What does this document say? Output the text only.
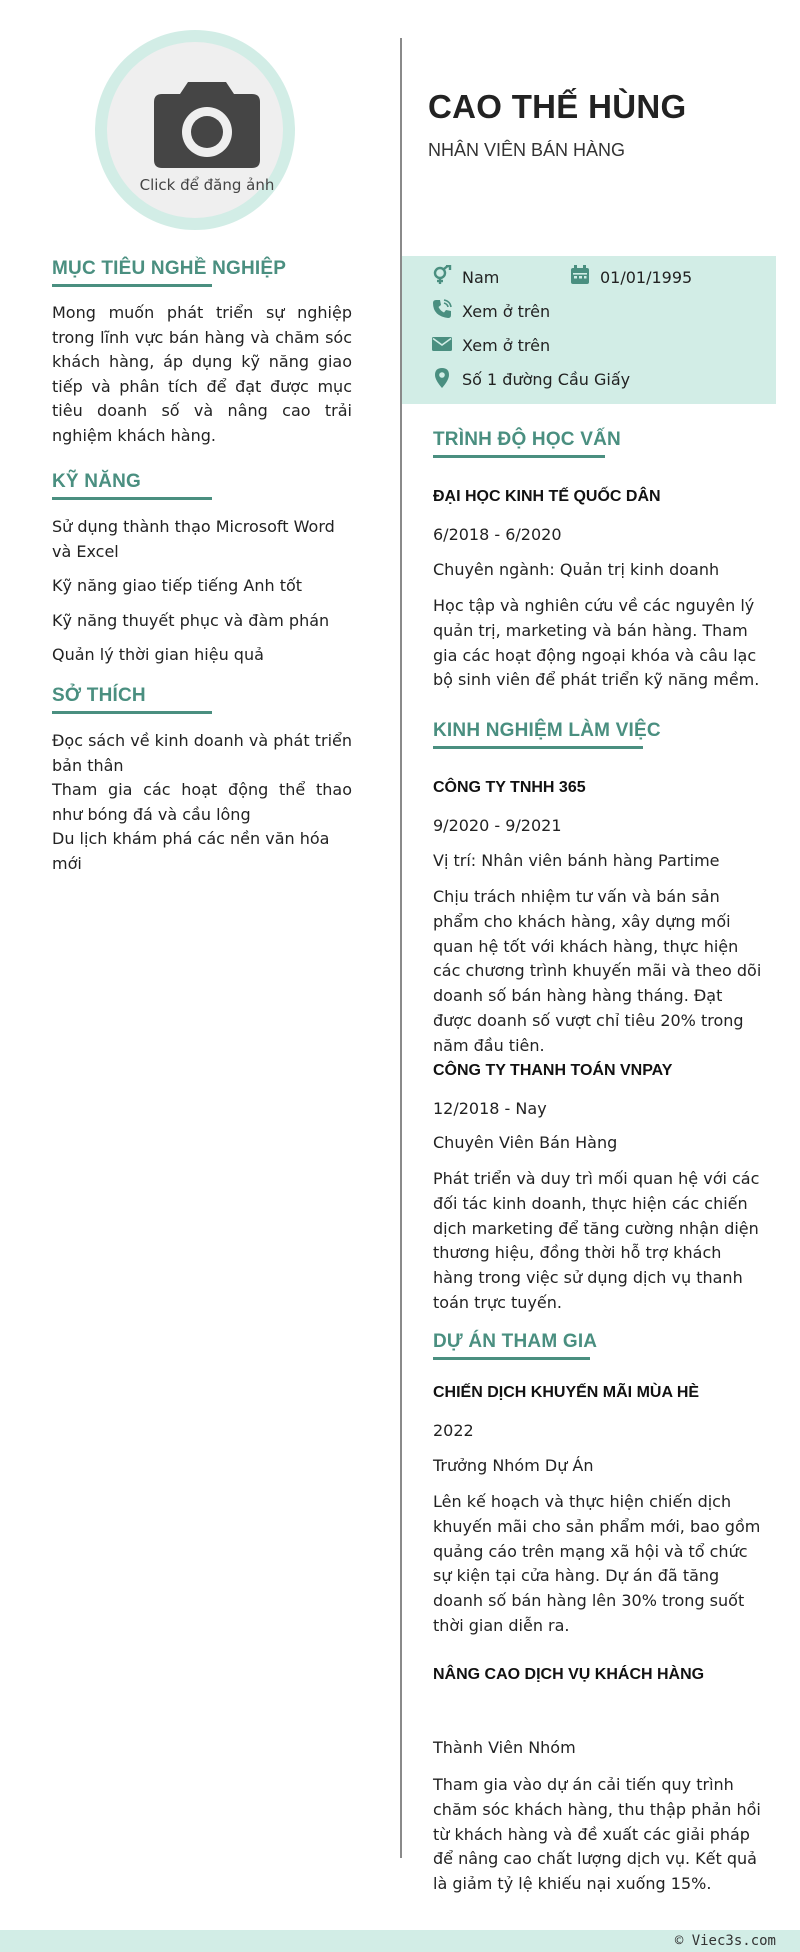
Click để đăng ảnh
MỤC TIÊU NGHỀ NGHIỆP
Mong muốn phát triển sự nghiệp trong lĩnh vực bán hàng và chăm sóc khách hàng, áp dụng kỹ năng giao tiếp và phân tích để đạt được mục tiêu doanh số và nâng cao trải nghiệm khách hàng.
KỸ NĂNG
Sử dụng thành thạo Microsoft Word và Excel
Kỹ năng giao tiếp tiếng Anh tốt
Kỹ năng thuyết phục và đàm phán
Quản lý thời gian hiệu quả
SỞ THÍCH
Đọc sách về kinh doanh và phát triển bản thân
Tham gia các hoạt động thể thao như bóng đá và cầu lông
Du lịch khám phá các nền văn hóa mới
CAO THẾ HÙNG
NHÂN VIÊN BÁN HÀNG
Nam	01/01/1995
Xem ở trên
Xem ở trên
Số 1 đường Cầu Giấy
TRÌNH ĐỘ HỌC VẤN
ĐẠI HỌC KINH TẾ QUỐC DÂN
6/2018 - 6/2020
Chuyên ngành: Quản trị kinh doanh
Học tập và nghiên cứu về các nguyên lý quản trị, marketing và bán hàng. Tham gia các hoạt động ngoại khóa và câu lạc bộ sinh viên để phát triển kỹ năng mềm.
KINH NGHIỆM LÀM VIỆC
CÔNG TY TNHH 365
9/2020 - 9/2021
Vị trí: Nhân viên bánh hàng Partime
Chịu trách nhiệm tư vấn và bán sản phẩm cho khách hàng, xây dựng mối quan hệ tốt với khách hàng, thực hiện các chương trình khuyến mãi và theo dõi doanh số bán hàng hàng tháng. Đạt được doanh số vượt chỉ tiêu 20% trong năm đầu tiên.
CÔNG TY THANH TOÁN VNPAY
12/2018 - Nay
Chuyên Viên Bán Hàng
Phát triển và duy trì mối quan hệ với các đối tác kinh doanh, thực hiện các chiến dịch marketing để tăng cường nhận diện thương hiệu, đồng thời hỗ trợ khách hàng trong việc sử dụng dịch vụ thanh toán trực tuyến.
DỰ ÁN THAM GIA
CHIẾN DỊCH KHUYẾN MÃI MÙA HÈ
2022
Trưởng Nhóm Dự Án
Lên kế hoạch và thực hiện chiến dịch khuyến mãi cho sản phẩm mới, bao gồm quảng cáo trên mạng xã hội và tổ chức sự kiện tại cửa hàng. Dự án đã tăng doanh số bán hàng lên 30% trong suốt thời gian diễn ra.
NÂNG CAO DỊCH VỤ KHÁCH HÀNG
Thành Viên Nhóm
Tham gia vào dự án cải tiến quy trình chăm sóc khách hàng, thu thập phản hồi từ khách hàng và đề xuất các giải pháp để nâng cao chất lượng dịch vụ. Kết quả là giảm tỷ lệ khiếu nại xuống 15%.
© Viec3s.com
